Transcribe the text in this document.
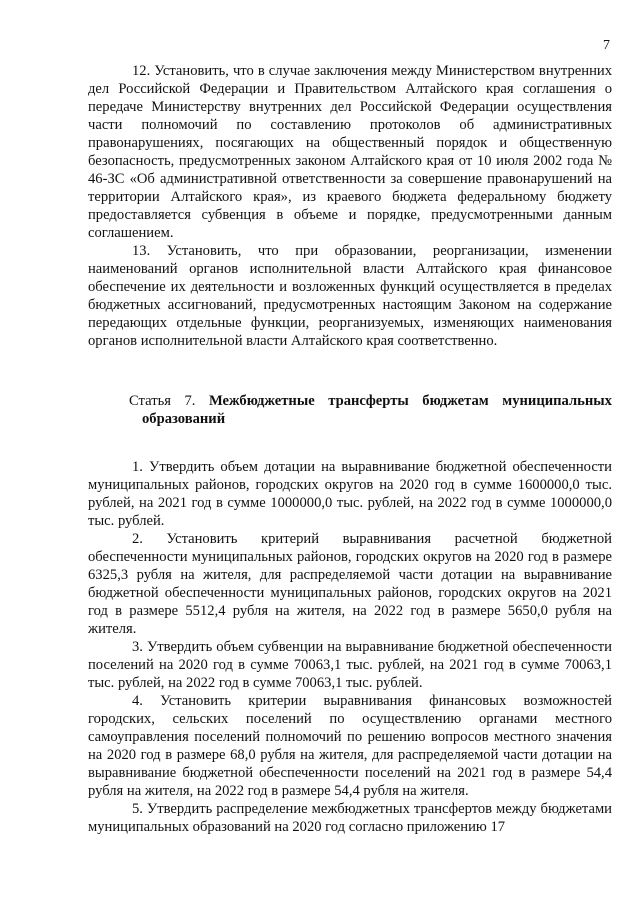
7

12. Установить, что в случае заключения между Министерством внутренних дел Российской Федерации и Правительством Алтайского края соглашения о передаче Министерству внутренних дел Российской Федерации осуществления части полномочий по составлению протоколов об административных правонарушениях, посягающих на общественный порядок и общественную безопасность, предусмотренных законом Алтайского края от 10 июля 2002 года № 46-ЗС «Об административной ответственности за совершение правонарушений на территории Алтайского края», из краевого бюджета федеральному бюджету предоставляется субвенция в объеме и порядке, предусмотренными данным соглашением.

13. Установить, что при образовании, реорганизации, изменении наименований органов исполнительной власти Алтайского края финансовое обеспечение их деятельности и возложенных функций осуществляется в пределах бюджетных ассигнований, предусмотренных настоящим Законом на содержание передающих отдельные функции, реорганизуемых, изменяющих наименования органов исполнительной власти Алтайского края соответственно.

Статья 7. Межбюджетные трансферты бюджетам муниципальных образований

1. Утвердить объем дотации на выравнивание бюджетной обеспеченности муниципальных районов, городских округов на 2020 год в сумме 1600000,0 тыс. рублей, на 2021 год в сумме 1000000,0 тыс. рублей, на 2022 год в сумме 1000000,0 тыс. рублей.

2. Установить критерий выравнивания расчетной бюджетной обеспеченности муниципальных районов, городских округов на 2020 год в размере 6325,3 рубля на жителя, для распределяемой части дотации на выравнивание бюджетной обеспеченности муниципальных районов, городских округов на 2021 год в размере 5512,4 рубля на жителя, на 2022 год в размере 5650,0 рубля на жителя.

3. Утвердить объем субвенции на выравнивание бюджетной обеспеченности поселений на 2020 год в сумме 70063,1 тыс. рублей, на 2021 год в сумме 70063,1 тыс. рублей, на 2022 год в сумме 70063,1 тыс. рублей.

4. Установить критерии выравнивания финансовых возможностей городских, сельских поселений по осуществлению органами местного самоуправления поселений полномочий по решению вопросов местного значения на 2020 год в размере 68,0 рубля на жителя, для распределяемой части дотации на выравнивание бюджетной обеспеченности поселений на 2021 год в размере 54,4 рубля на жителя, на 2022 год в размере 54,4 рубля на жителя.

5. Утвердить распределение межбюджетных трансфертов между бюджетами муниципальных образований на 2020 год согласно приложению 17
